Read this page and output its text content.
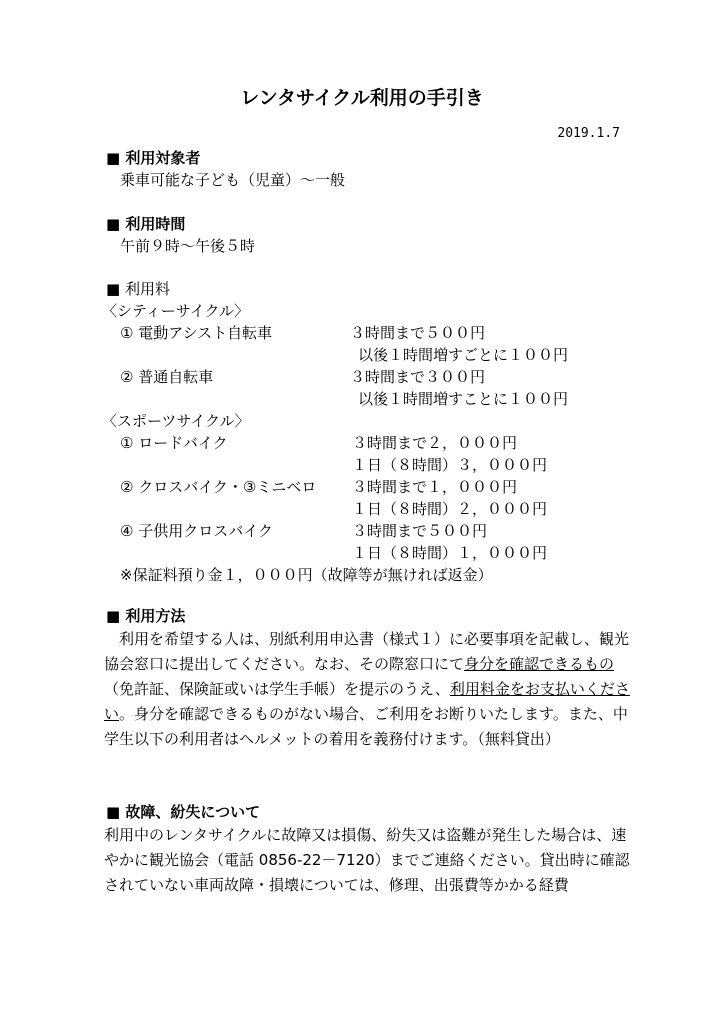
レンタサイクル利用の手引き
2019.1.7
■ 利用対象者
乗車可能な子ども（児童）～一般
■ 利用時間
午前９時～午後５時
■ 利用料
〈シティーサイクル〉
① 電動アシスト自転車	３時間まで５００円
以後１時間増すごとに１００円
② 普通自転車	３時間まで３００円
以後１時間増すことに１００円
〈スポーツサイクル〉
① ロードバイク	３時間まで２，０００円
１日（８時間）３，０００円
② クロスバイク・③ミニベロ ３時間まで１，０００円
１日（８時間）２，０００円
④ 子供用クロスバイク	３時間まで５００円
１日（８時間）１，０００円
※保証料預り金１，０００円（故障等が無ければ返金）
■ 利用方法
利用を希望する人は、別紙利用申込書（様式１）に必要事項を記載し、観光協会窓口に提出してください。なお、その際窓口にて身分を確認できるもの（免許証、保険証或いは学生手帳）を提示のうえ、利用料金をお支払いください。身分を確認できるものがない場合、ご利用をお断りいたします。また、中学生以下の利用者はヘルメットの着用を義務付けます。（無料貸出）
■ 故障、紛失について
利用中のレンタサイクルに故障又は損傷、紛失又は盗難が発生した場合は、速やかに観光協会（電話 0856-22－7120）までご連絡ください。貸出時に確認されていない車両故障・損壊については、修理、出張費等かかる経費
